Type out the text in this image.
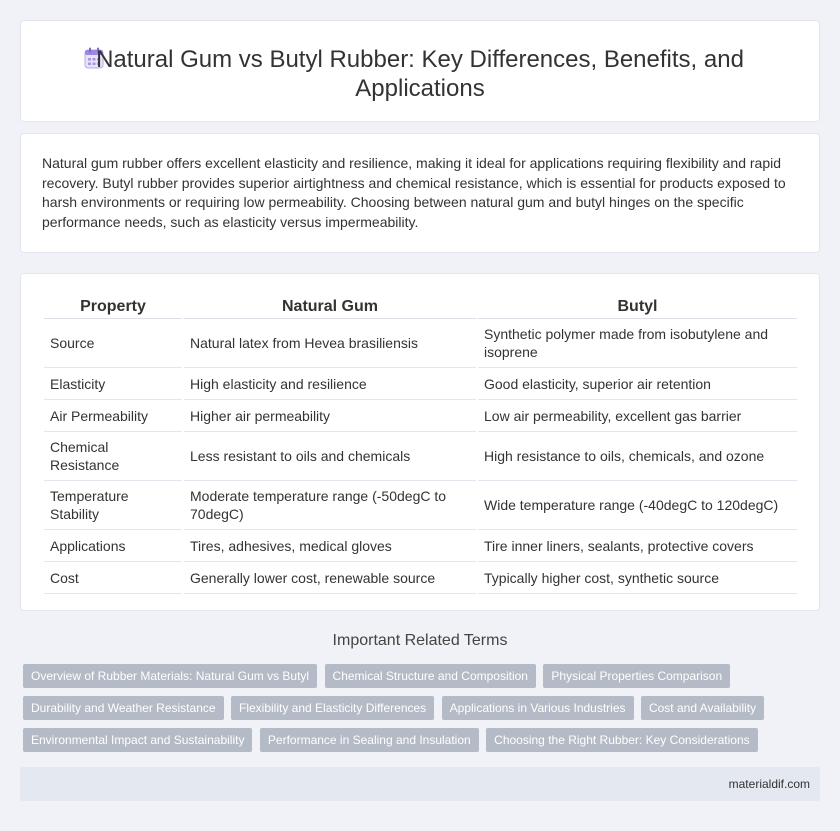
Natural Gum vs Butyl Rubber: Key Differences, Benefits, and Applications

Natural gum rubber offers excellent elasticity and resilience, making it ideal for applications requiring flexibility and rapid recovery. Butyl rubber provides superior airtightness and chemical resistance, which is essential for products exposed to harsh environments or requiring low permeability. Choosing between natural gum and butyl hinges on the specific performance needs, such as elasticity versus impermeability.

Property	Natural Gum	Butyl
Source	Natural latex from Hevea brasiliensis	Synthetic polymer made from isobutylene and isoprene
Elasticity	High elasticity and resilience	Good elasticity, superior air retention
Air Permeability	Higher air permeability	Low air permeability, excellent gas barrier
Chemical Resistance	Less resistant to oils and chemicals	High resistance to oils, chemicals, and ozone
Temperature Stability	Moderate temperature range (-50degC to 70degC)	Wide temperature range (-40degC to 120degC)
Applications	Tires, adhesives, medical gloves	Tire inner liners, sealants, protective covers
Cost	Generally lower cost, renewable source	Typically higher cost, synthetic source
Important Related Terms
Overview of Rubber Materials: Natural Gum vs Butyl Chemical Structure and Composition Physical Properties Comparison Durability and Weather Resistance Flexibility and Elasticity Differences Applications in Various Industries Cost and Availability Environmental Impact and Sustainability Performance in Sealing and Insulation Choosing the Right Rubber: Key Considerations
materialdif.com
